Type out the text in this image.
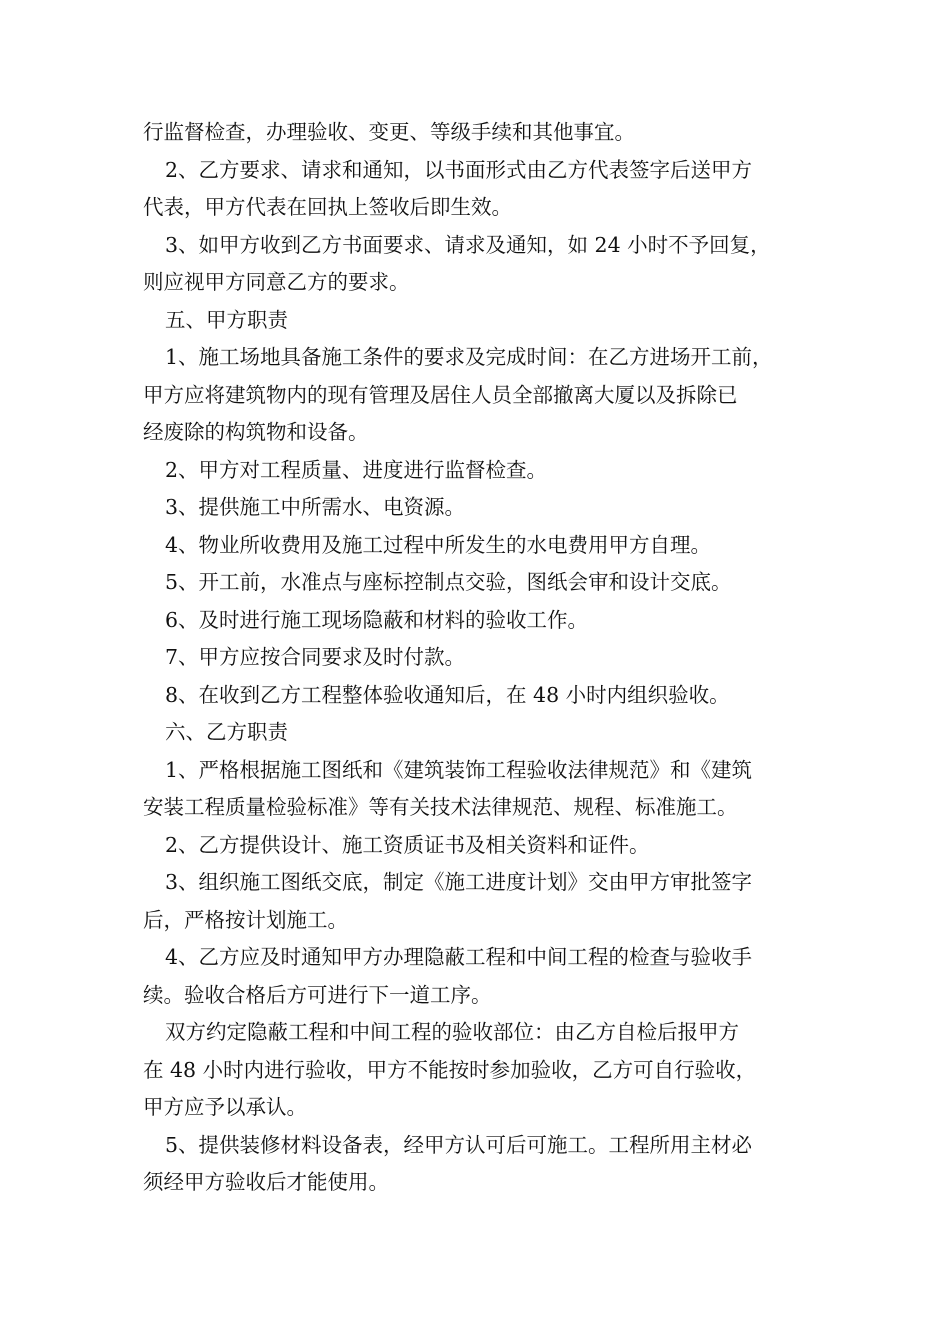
行监督检查，办理验收、变更、等级手续和其他事宜。
2、乙方要求、请求和通知，以书面形式由乙方代表签字后送甲方
代表，甲方代表在回执上签收后即生效。
3、如甲方收到乙方书面要求、请求及通知，如 24 小时不予回复，
则应视甲方同意乙方的要求。
五、甲方职责
1、施工场地具备施工条件的要求及完成时间：在乙方进场开工前，
甲方应将建筑物内的现有管理及居住人员全部撤离大厦以及拆除已
经废除的构筑物和设备。
2、甲方对工程质量、进度进行监督检查。
3、提供施工中所需水、电资源。
4、物业所收费用及施工过程中所发生的水电费用甲方自理。
5、开工前，水准点与座标控制点交验，图纸会审和设计交底。
6、及时进行施工现场隐蔽和材料的验收工作。
7、甲方应按合同要求及时付款。
8、在收到乙方工程整体验收通知后，在 48 小时内组织验收。
六、乙方职责
1、严格根据施工图纸和《建筑装饰工程验收法律规范》和《建筑
安装工程质量检验标准》等有关技术法律规范、规程、标准施工。
2、乙方提供设计、施工资质证书及相关资料和证件。
3、组织施工图纸交底，制定《施工进度计划》交由甲方审批签字
后，严格按计划施工。
4、乙方应及时通知甲方办理隐蔽工程和中间工程的检查与验收手
续。验收合格后方可进行下一道工序。
双方约定隐蔽工程和中间工程的验收部位：由乙方自检后报甲方
在 48 小时内进行验收，甲方不能按时参加验收，乙方可自行验收，
甲方应予以承认。
5、提供装修材料设备表，经甲方认可后可施工。工程所用主材必
须经甲方验收后才能使用。
